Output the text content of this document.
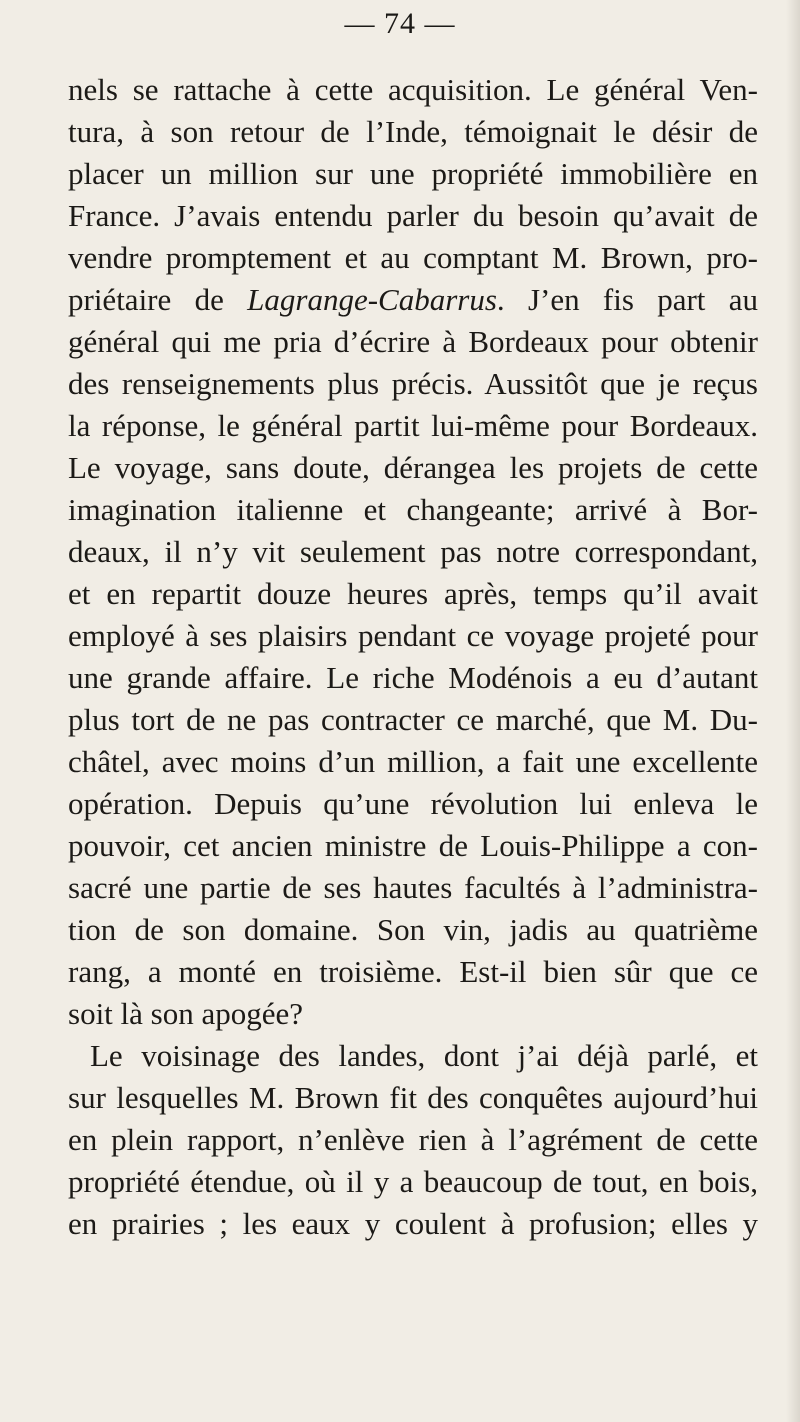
— 74 —
nels se rattache à cette acquisition. Le général Ven-
tura, à son retour de l’Inde, témoignait le désir de
placer un million sur une propriété immobilière en
France. J’avais entendu parler du besoin qu’avait de
vendre promptement et au comptant M. Brown, pro-
priétaire de Lagrange-Cabarrus. J’en fis part au
général qui me pria d’écrire à Bordeaux pour obtenir
des renseignements plus précis. Aussitôt que je reçus
la réponse, le général partit lui-même pour Bordeaux.
Le voyage, sans doute, dérangea les projets de cette
imagination italienne et changeante; arrivé à Bor-
deaux, il n’y vit seulement pas notre correspondant,
et en repartit douze heures après, temps qu’il avait
employé à ses plaisirs pendant ce voyage projeté pour
une grande affaire. Le riche Modénois a eu d’autant
plus tort de ne pas contracter ce marché, que M. Du-
châtel, avec moins d’un million, a fait une excellente
opération. Depuis qu’une révolution lui enleva le
pouvoir, cet ancien ministre de Louis-Philippe a con-
sacré une partie de ses hautes facultés à l’administra-
tion de son domaine. Son vin, jadis au quatrième
rang, a monté en troisième. Est-il bien sûr que ce
soit là son apogée?
Le voisinage des landes, dont j’ai déjà parlé, et
sur lesquelles M. Brown fit des conquêtes aujourd’hui
en plein rapport, n’enlève rien à l’agrément de cette
propriété étendue, où il y a beaucoup de tout, en bois,
en prairies ; les eaux y coulent à profusion; elles y
